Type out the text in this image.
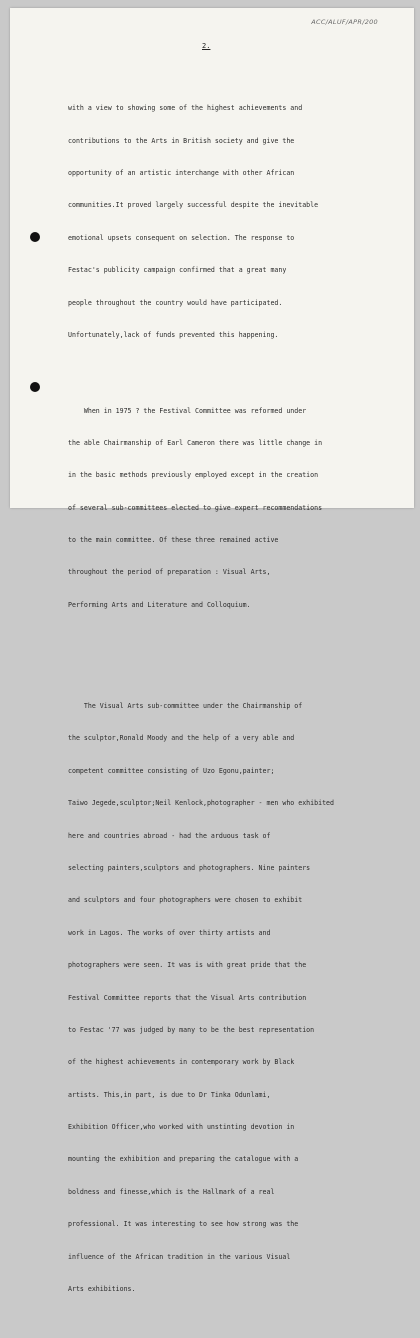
ACC/ALUF/APR/200
2.

with a view to showing some of the highest achievements and

contributions to the Arts in British society and give the

opportunity of an artistic interchange with other African

communities.It proved largely successful despite the inevitable

emotional upsets consequent on selection. The response to

Festac's publicity campaign confirmed that a great many

people throughout the country would have participated.

Unfortunately,lack of funds prevented this happening.

When in 1975 ? the Festival Committee was reformed under

the able Chairmanship of Earl Cameron there was little change in

in the basic methods previously employed except in the creation

of several sub-committees elected to give expert recommendations

to the main committee. Of these three remained active

throughout the period of preparation : Visual Arts,

Performing Arts and Literature and Colloquium.

The Visual Arts sub-committee under the Chairmanship of

the sculptor,Ronald Moody and the help of a very able and

competent committee consisting of Uzo Egonu,painter;

Taiwo Jegede,sculptor;Neil Kenlock,photographer - men who exhibited

here and countries abroad - had the arduous task of

selecting painters,sculptors and photographers. Nine painters

and sculptors and four photographers were chosen to exhibit

work in Lagos. The works of over thirty artists and

photographers were seen. It was is with great pride that the

Festival Committee reports that the Visual Arts contribution

to Festac '77 was judged by many to be the best representation

of the highest achievements in contemporary work by Black

artists. This,in part, is due to Dr Tinka Odunlami,

Exhibition Officer,who worked with unstinting devotion in

mounting the exhibition and preparing the catalogue with a

boldness and finesse,which is the Hallmark of a real

professional. It was interesting to see how strong was the

influence of the African tradition in the various Visual

Arts exhibitions.
